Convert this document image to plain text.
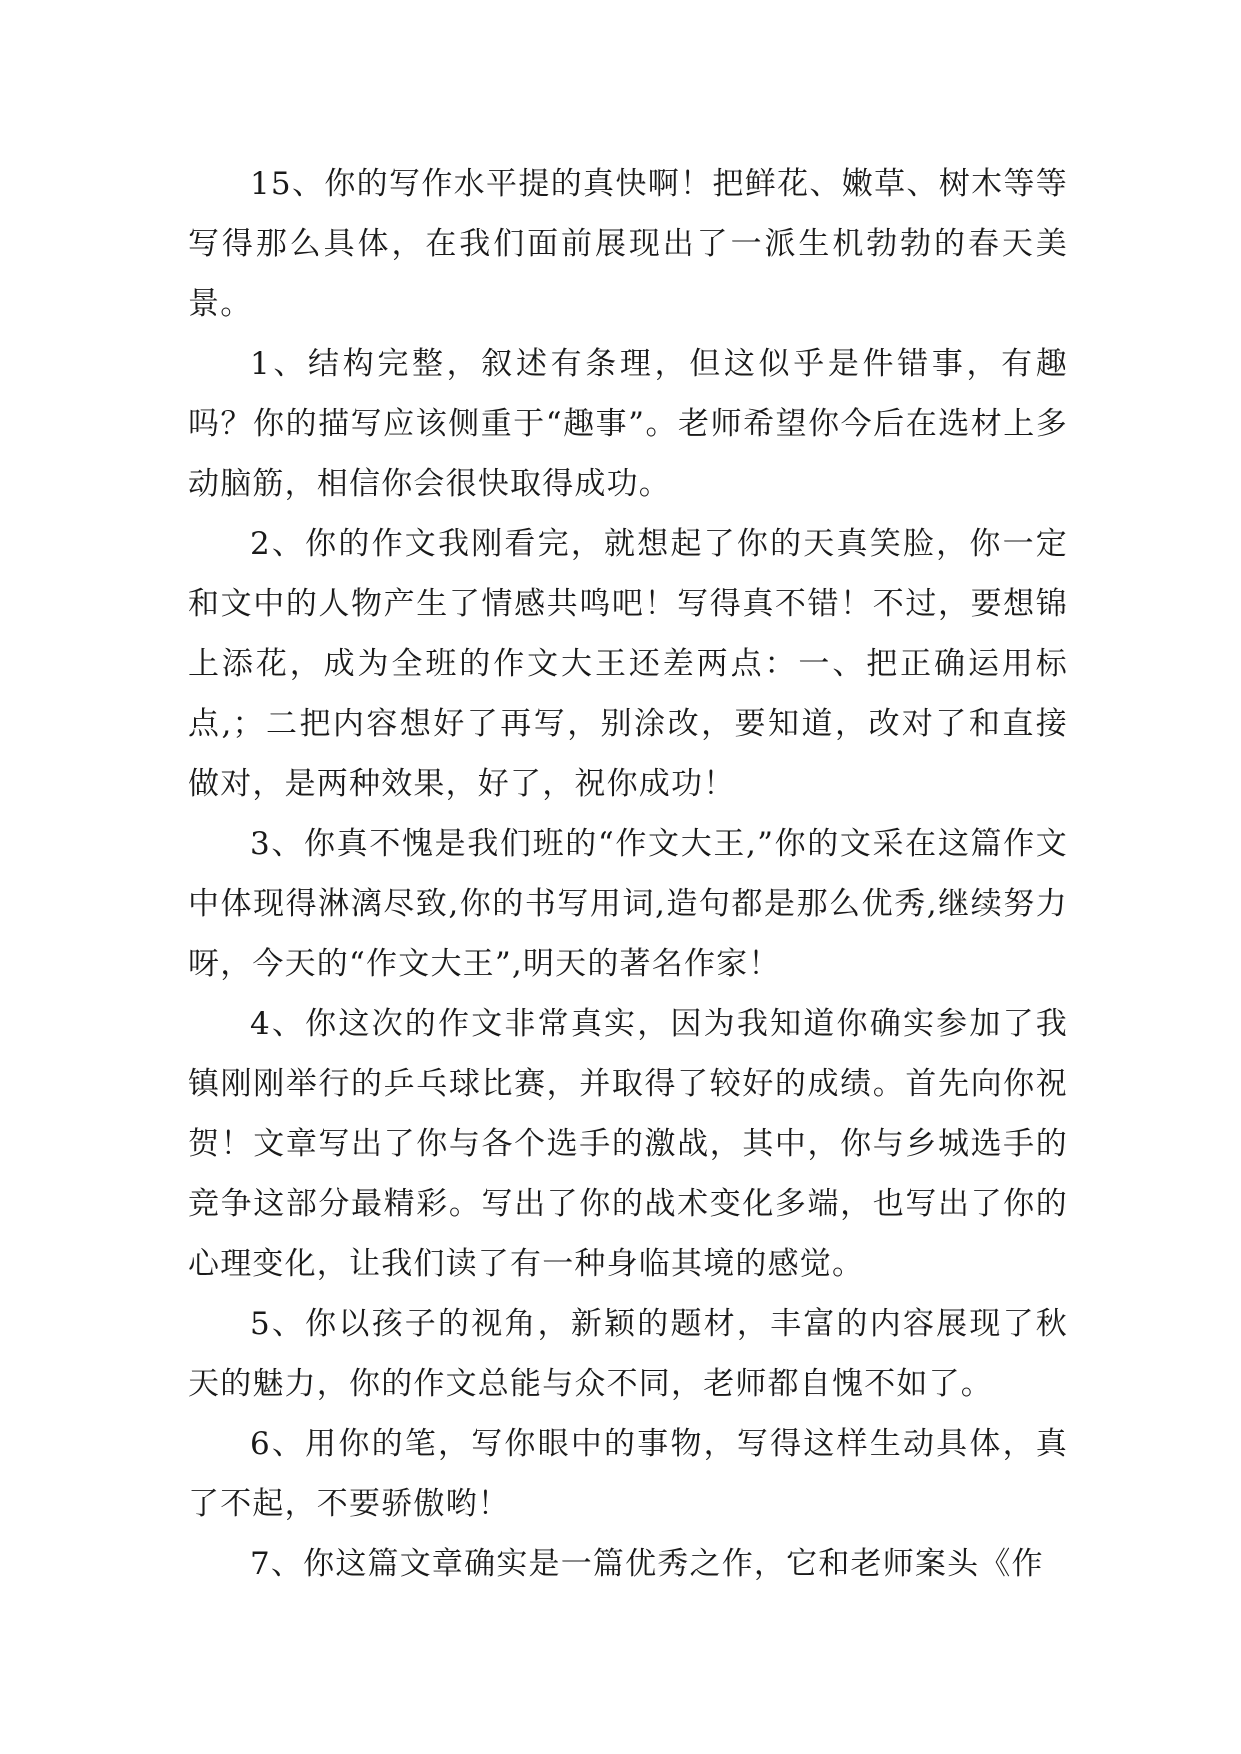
15、你的写作水平提的真快啊！把鲜花、嫩草、树木等等写得那么具体，在我们面前展现出了一派生机勃勃的春天美景。

1、结构完整，叙述有条理，但这似乎是件错事，有趣吗？你的描写应该侧重于“趣事”。老师希望你今后在选材上多动脑筋，相信你会很快取得成功。

2、你的作文我刚看完，就想起了你的天真笑脸，你一定和文中的人物产生了情感共鸣吧！写得真不错！不过，要想锦上添花，成为全班的作文大王还差两点：一、把正确运用标点,；二把内容想好了再写，别涂改，要知道，改对了和直接做对，是两种效果，好了，祝你成功！

3、你真不愧是我们班的“作文大王,”你的文采在这篇作文中体现得淋漓尽致,你的书写用词,造句都是那么优秀,继续努力呀，今天的“作文大王”,明天的著名作家！

4、你这次的作文非常真实，因为我知道你确实参加了我镇刚刚举行的乒乓球比赛，并取得了较好的成绩。首先向你祝贺！文章写出了你与各个选手的激战，其中，你与乡城选手的竞争这部分最精彩。写出了你的战术变化多端，也写出了你的心理变化，让我们读了有一种身临其境的感觉。

5、你以孩子的视角，新颖的题材，丰富的内容展现了秋天的魅力，你的作文总能与众不同，老师都自愧不如了。

6、用你的笔，写你眼中的事物，写得这样生动具体，真了不起，不要骄傲哟！

7、你这篇文章确实是一篇优秀之作，它和老师案头《作
